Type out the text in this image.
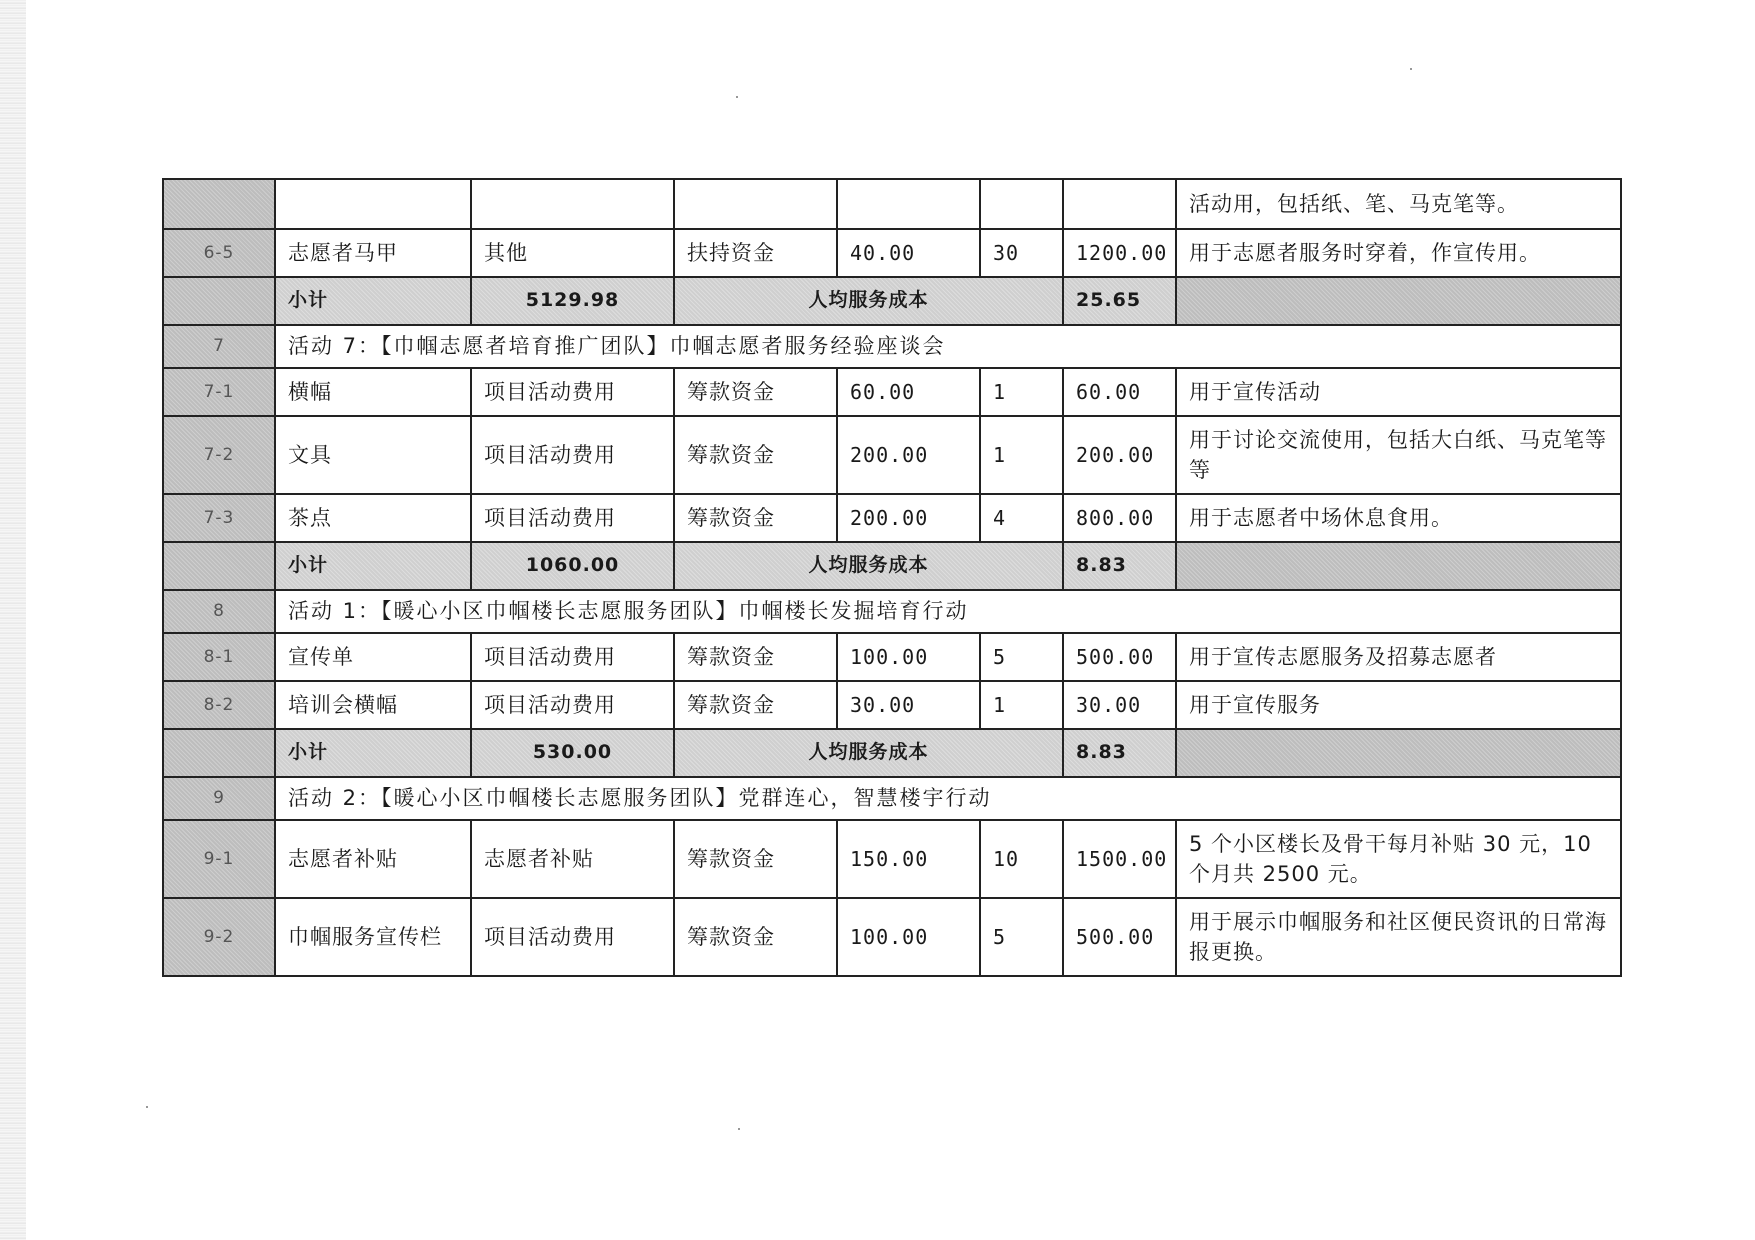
							活动用，包括纸、笔、马克笔等。
6-5	志愿者马甲	其他	扶持资金	40.00	30	1200.00	用于志愿者服务时穿着，作宣传用。
	小计	5129.98	人均服务成本			25.65	
7	活动 7：【巾帼志愿者培育推广团队】巾帼志愿者服务经验座谈会						
7-1	横幅	项目活动费用	筹款资金	60.00	1	60.00	用于宣传活动
7-2	文具	项目活动费用	筹款资金	200.00	1	200.00	用于讨论交流使用，包括大白纸、马克笔等等
7-3	茶点	项目活动费用	筹款资金	200.00	4	800.00	用于志愿者中场休息食用。
	小计	1060.00	人均服务成本			8.83	
8	活动 1：【暖心小区巾帼楼长志愿服务团队】巾帼楼长发掘培育行动						
8-1	宣传单	项目活动费用	筹款资金	100.00	5	500.00	用于宣传志愿服务及招募志愿者
8-2	培训会横幅	项目活动费用	筹款资金	30.00	1	30.00	用于宣传服务
	小计	530.00	人均服务成本			8.83	
9	活动 2：【暖心小区巾帼楼长志愿服务团队】党群连心，智慧楼宇行动						
9-1	志愿者补贴	志愿者补贴	筹款资金	150.00	10	1500.00	5 个小区楼长及骨干每月补贴 30 元，10 个月共 2500 元。
9-2	巾帼服务宣传栏	项目活动费用	筹款资金	100.00	5	500.00	用于展示巾帼服务和社区便民资讯的日常海报更换。
